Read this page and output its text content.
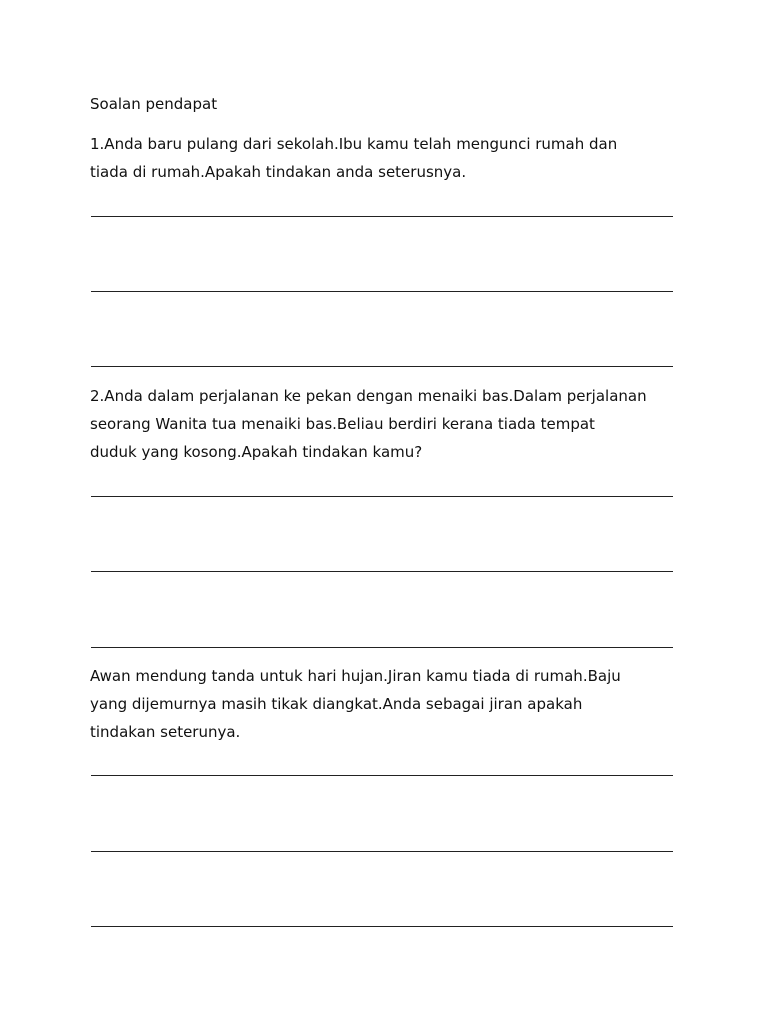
Soalan pendapat

1.Anda baru pulang dari sekolah.Ibu kamu telah mengunci rumah dan

tiada di rumah.Apakah tindakan anda seterusnya.

2.Anda dalam perjalanan ke pekan dengan menaiki bas.Dalam perjalanan

seorang Wanita tua menaiki bas.Beliau berdiri kerana tiada tempat

duduk yang kosong.Apakah tindakan kamu?

Awan mendung tanda untuk hari hujan.Jiran kamu tiada di rumah.Baju

yang dijemurnya masih tikak diangkat.Anda sebagai jiran apakah

tindakan seterunya.
